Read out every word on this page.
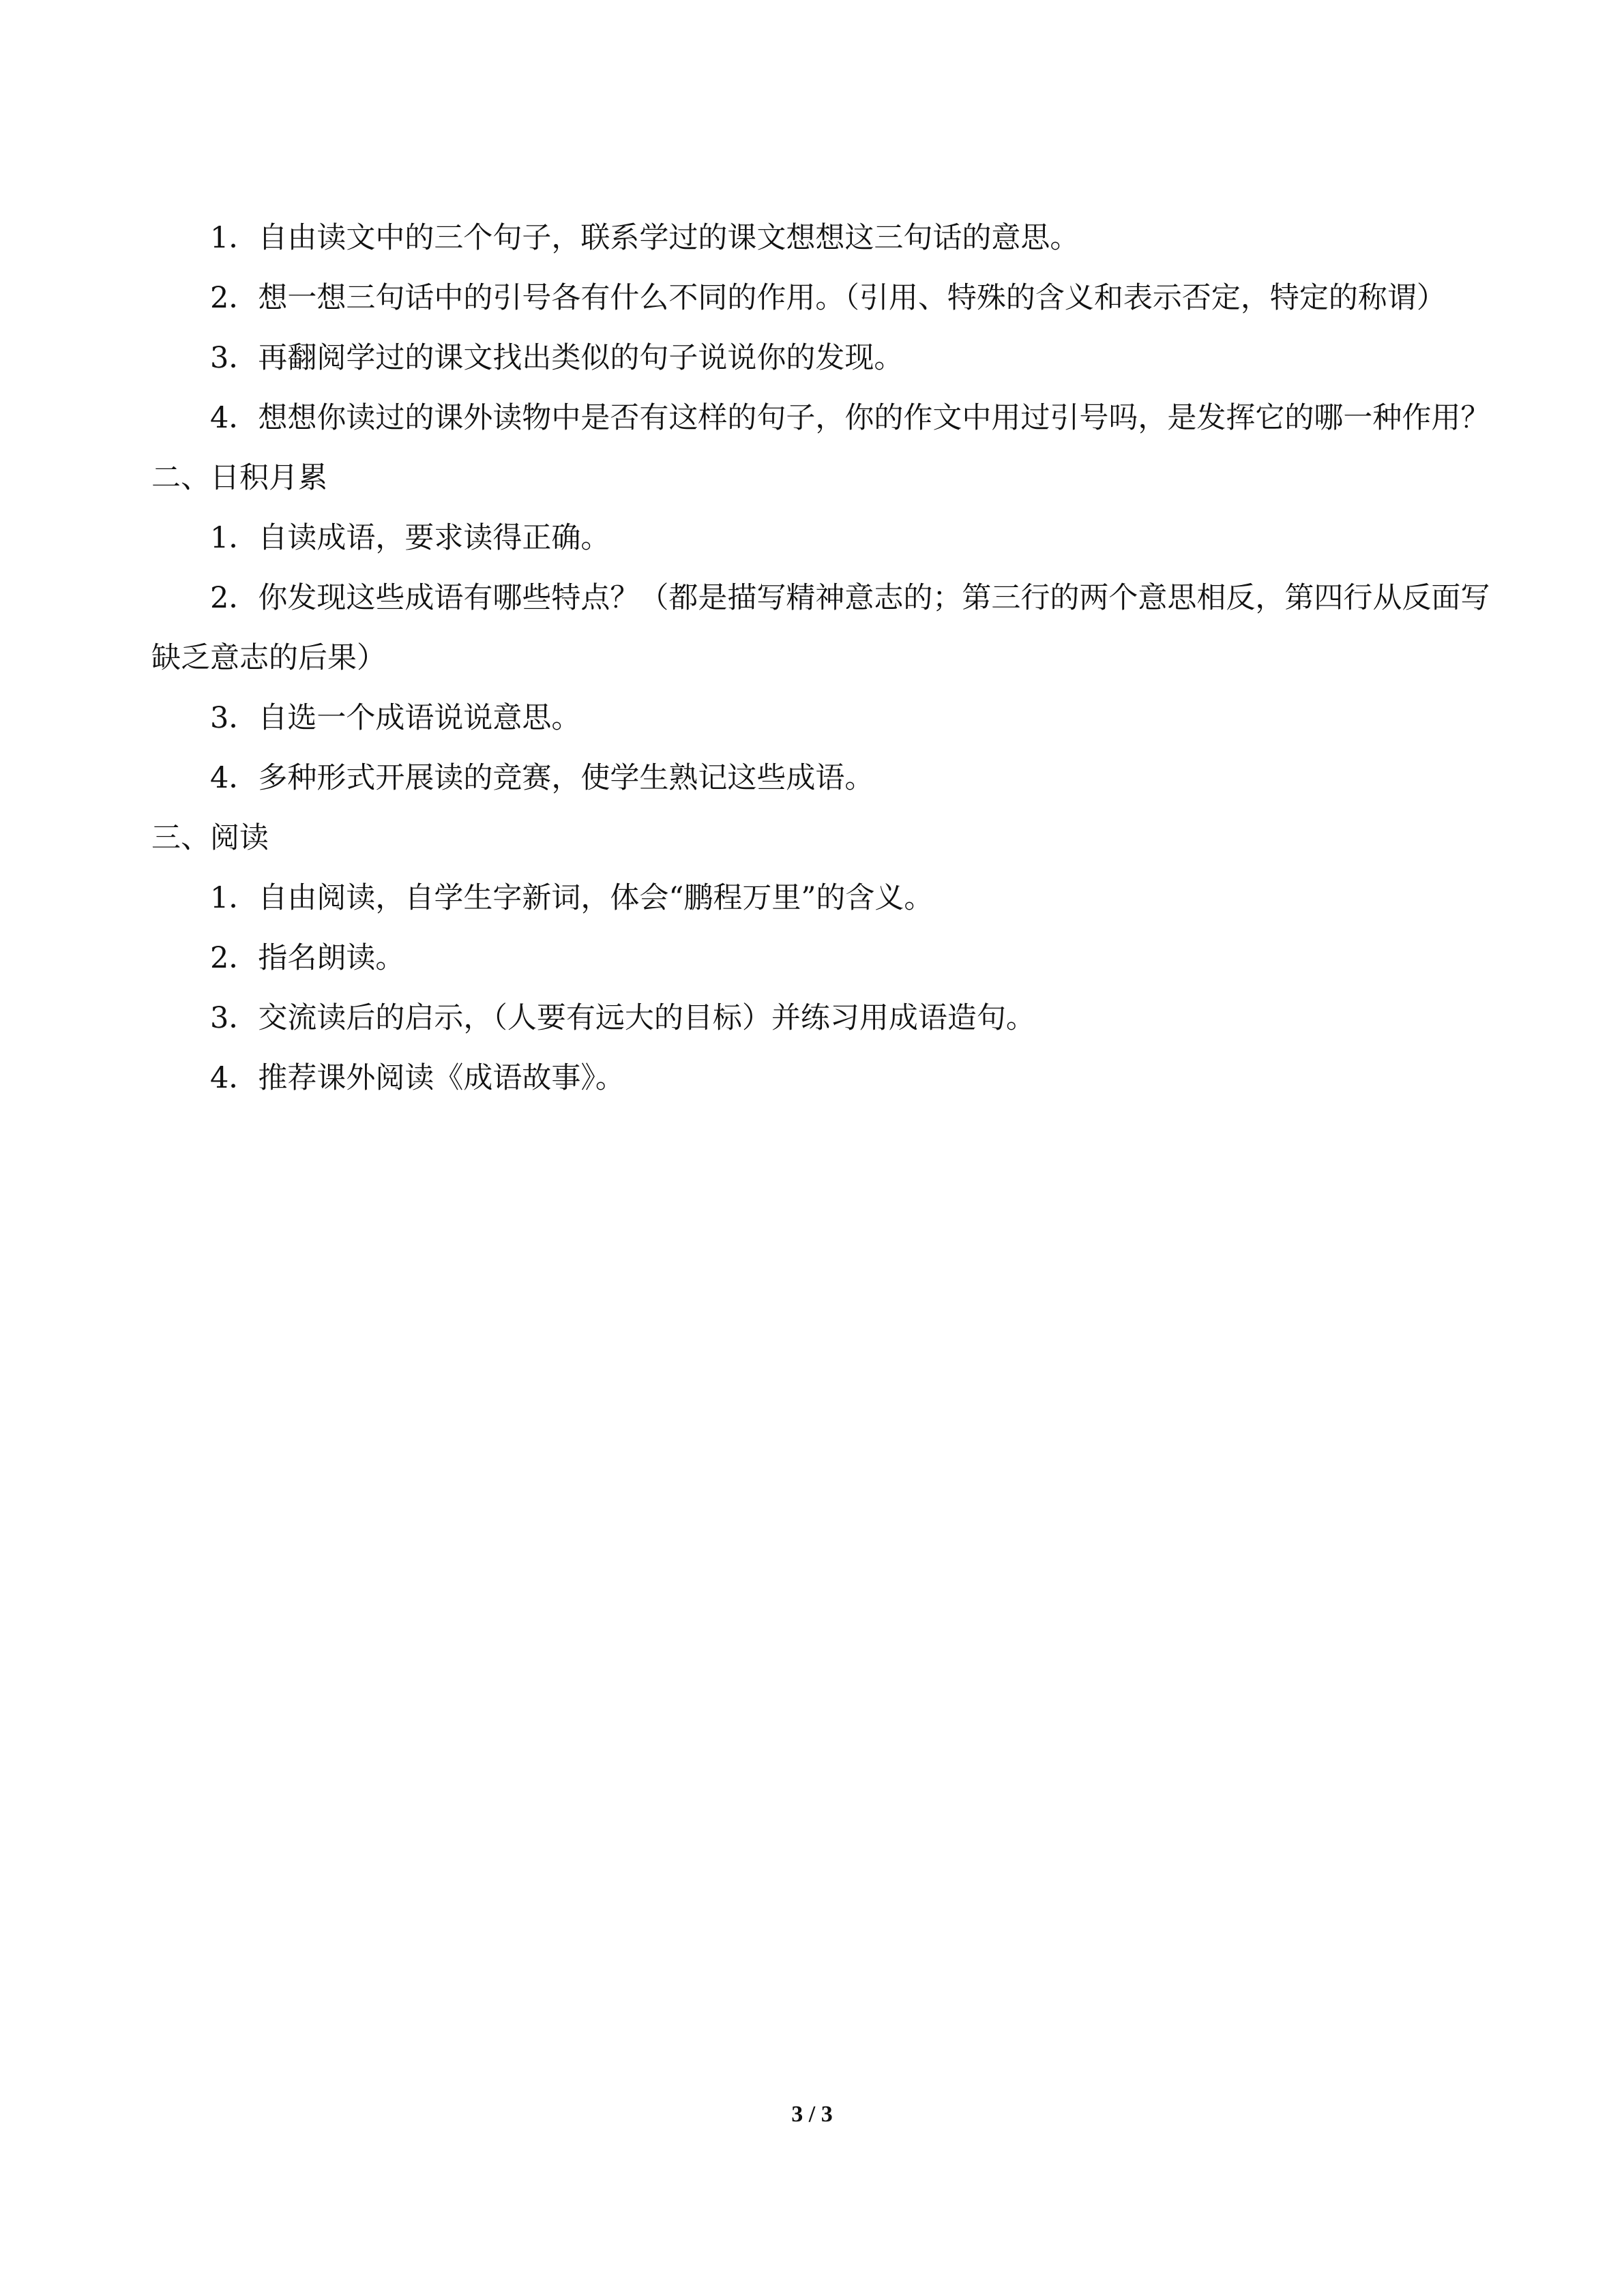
1．自由读文中的三个句子，联系学过的课文想想这三句话的意思。

2．想一想三句话中的引号各有什么不同的作用。（引用、特殊的含义和表示否定，特定的称谓）

3．再翻阅学过的课文找出类似的句子说说你的发现。

4．想想你读过的课外读物中是否有这样的句子，你的作文中用过引号吗，是发挥它的哪一种作用？

二、日积月累

1．自读成语，要求读得正确。

2．你发现这些成语有哪些特点？（都是描写精神意志的；第三行的两个意思相反，第四行从反面写缺乏意志的后果）

3．自选一个成语说说意思。

4．多种形式开展读的竞赛，使学生熟记这些成语。

三、阅读

1．自由阅读，自学生字新词，体会“鹏程万里”的含义。

2．指名朗读。

3．交流读后的启示，（人要有远大的目标）并练习用成语造句。

4．推荐课外阅读《成语故事》。

3 / 3
